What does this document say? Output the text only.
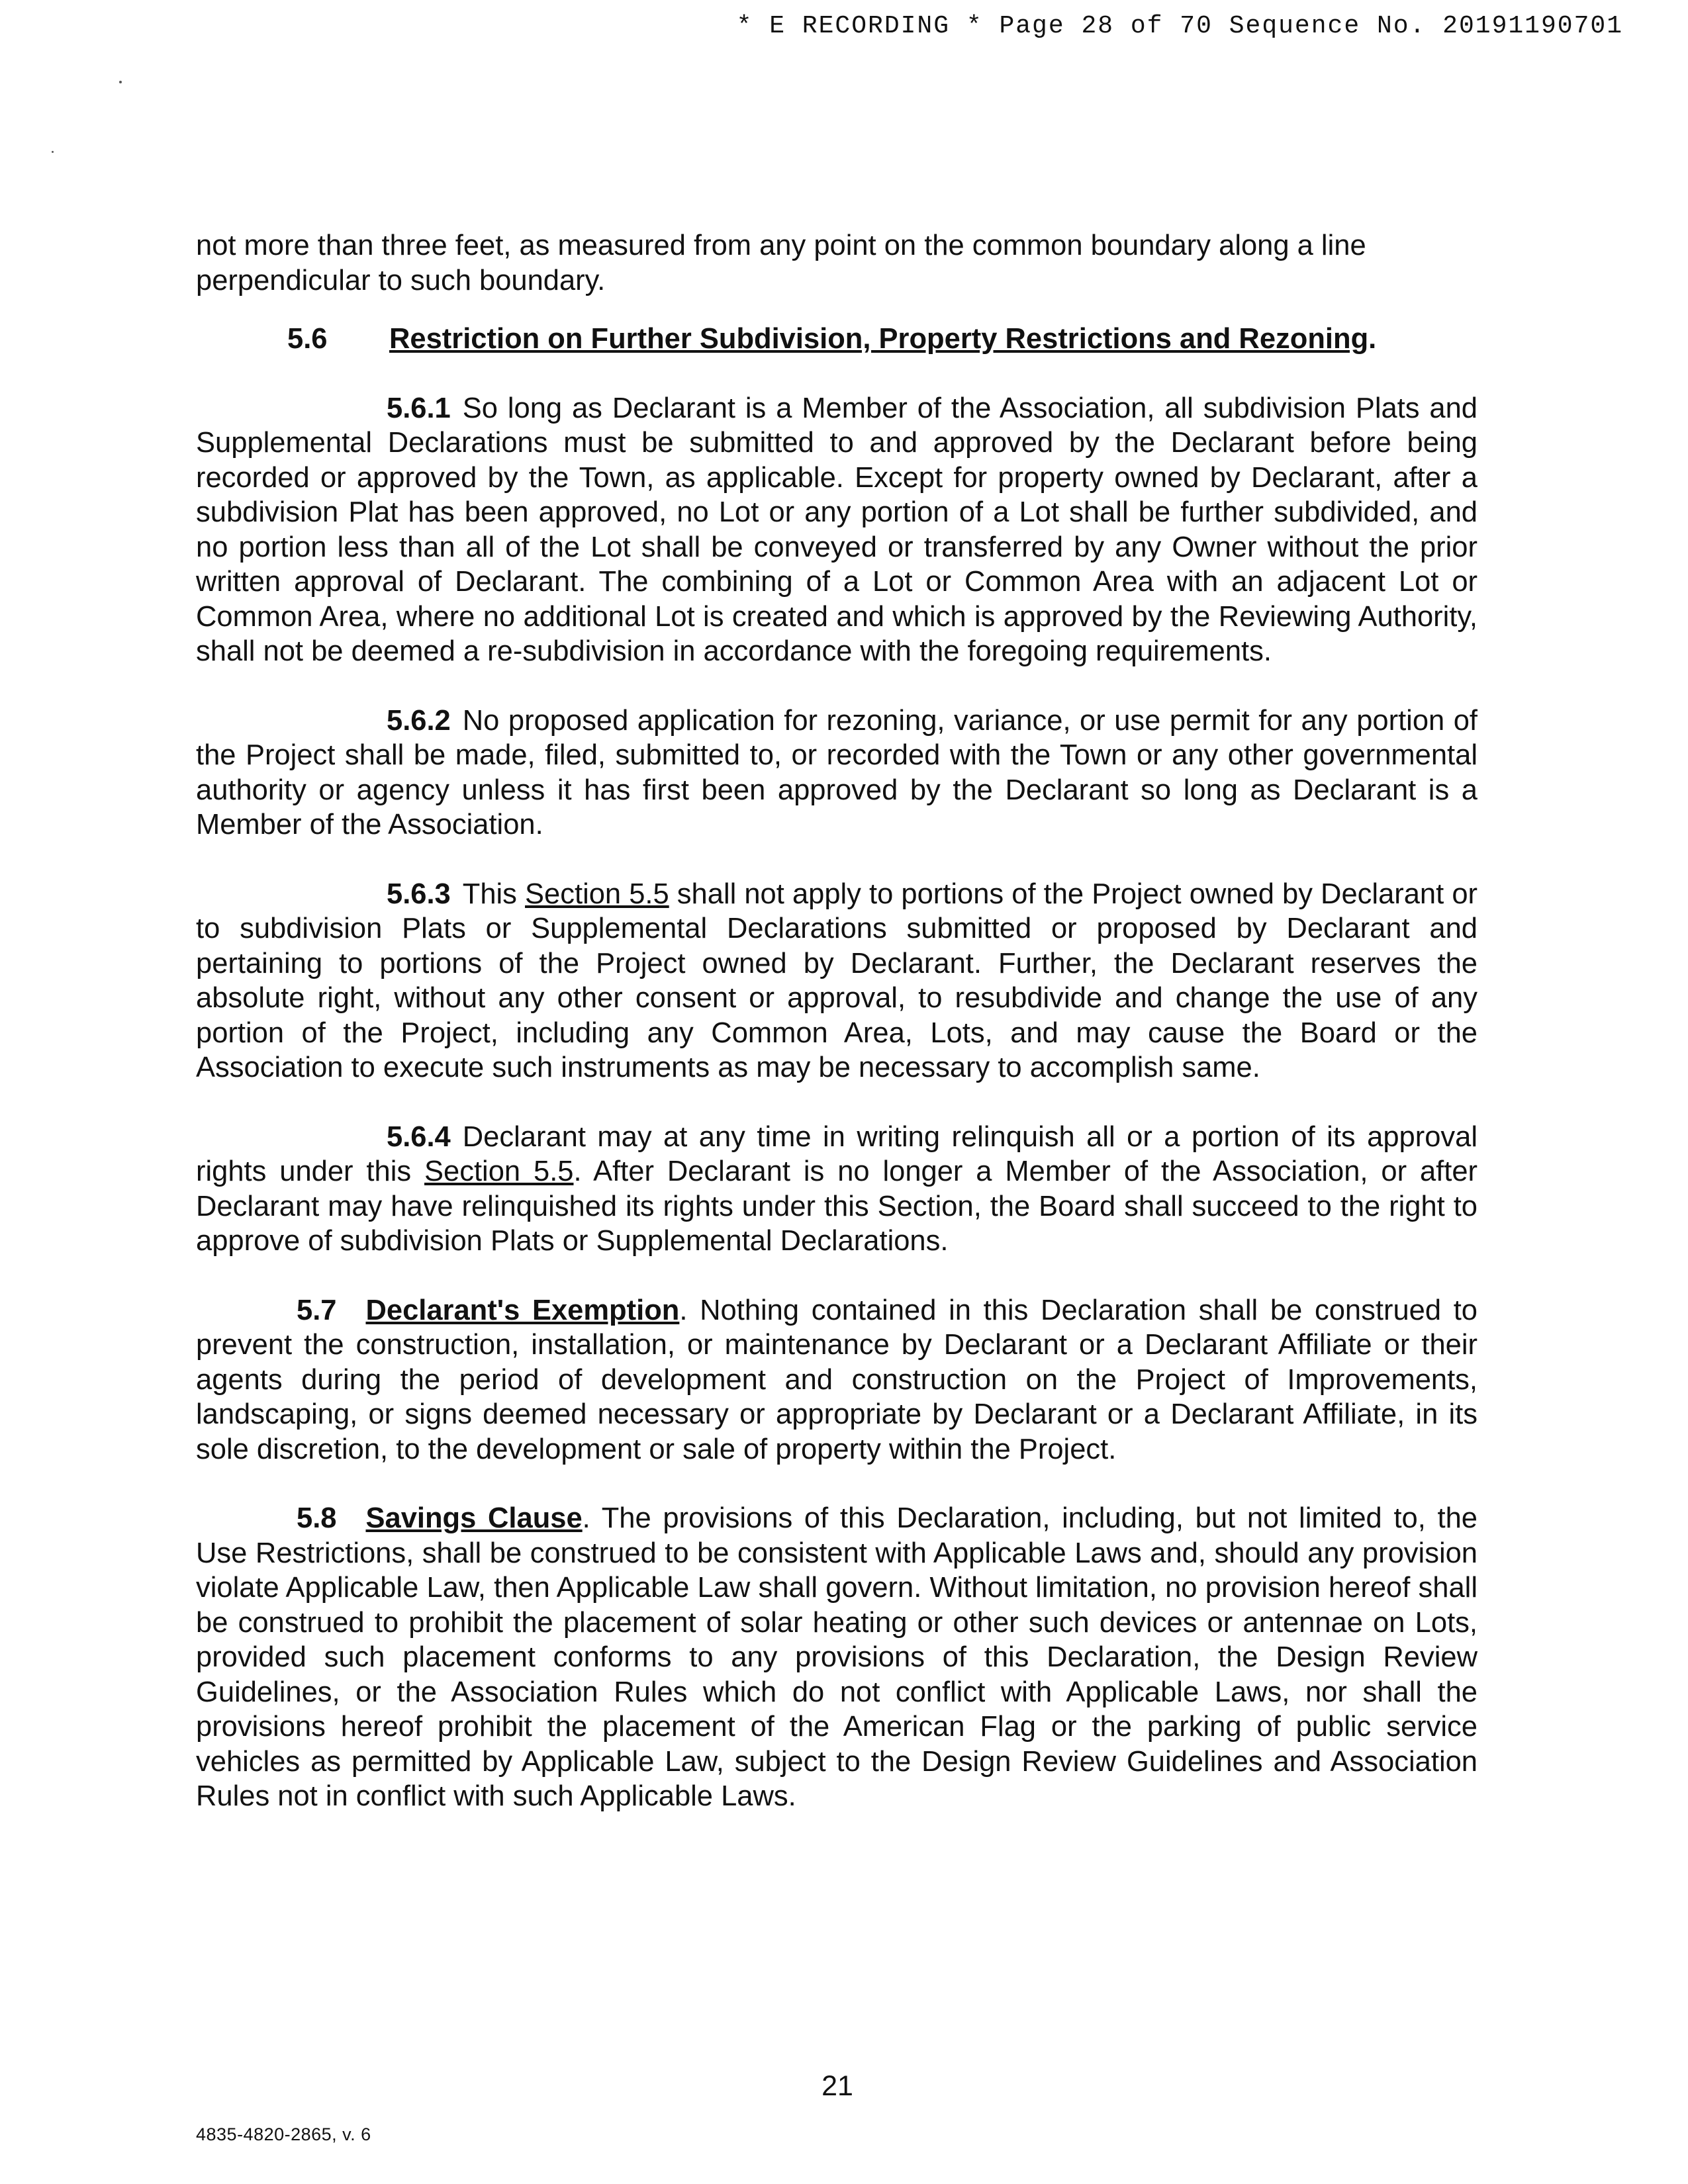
* E RECORDING * Page 28 of 70 Sequence No. 20191190701

not more than three feet, as measured from any point on the common boundary along a line perpendicular to such boundary.

5.6 Restriction on Further Subdivision, Property Restrictions and Rezoning.

5.6.1 So long as Declarant is a Member of the Association, all subdivision Plats and Supplemental Declarations must be submitted to and approved by the Declarant before being recorded or approved by the Town, as applicable. Except for property owned by Declarant, after a subdivision Plat has been approved, no Lot or any portion of a Lot shall be further subdivided, and no portion less than all of the Lot shall be conveyed or transferred by any Owner without the prior written approval of Declarant. The combining of a Lot or Common Area with an adjacent Lot or Common Area, where no additional Lot is created and which is approved by the Reviewing Authority, shall not be deemed a re-subdivision in accordance with the foregoing requirements.

5.6.2 No proposed application for rezoning, variance, or use permit for any portion of the Project shall be made, filed, submitted to, or recorded with the Town or any other governmental authority or agency unless it has first been approved by the Declarant so long as Declarant is a Member of the Association.

5.6.3 This Section 5.5 shall not apply to portions of the Project owned by Declarant or to subdivision Plats or Supplemental Declarations submitted or proposed by Declarant and pertaining to portions of the Project owned by Declarant. Further, the Declarant reserves the absolute right, without any other consent or approval, to resubdivide and change the use of any portion of the Project, including any Common Area, Lots, and may cause the Board or the Association to execute such instruments as may be necessary to accomplish same.

5.6.4 Declarant may at any time in writing relinquish all or a portion of its approval rights under this Section 5.5. After Declarant is no longer a Member of the Association, or after Declarant may have relinquished its rights under this Section, the Board shall succeed to the right to approve of subdivision Plats or Supplemental Declarations.

5.7 Declarant's Exemption. Nothing contained in this Declaration shall be construed to prevent the construction, installation, or maintenance by Declarant or a Declarant Affiliate or their agents during the period of development and construction on the Project of Improvements, landscaping, or signs deemed necessary or appropriate by Declarant or a Declarant Affiliate, in its sole discretion, to the development or sale of property within the Project.

5.8 Savings Clause. The provisions of this Declaration, including, but not limited to, the Use Restrictions, shall be construed to be consistent with Applicable Laws and, should any provision violate Applicable Law, then Applicable Law shall govern. Without limitation, no provision hereof shall be construed to prohibit the placement of solar heating or other such devices or antennae on Lots, provided such placement conforms to any provisions of this Declaration, the Design Review Guidelines, or the Association Rules which do not conflict with Applicable Laws, nor shall the provisions hereof prohibit the placement of the American Flag or the parking of public service vehicles as permitted by Applicable Law, subject to the Design Review Guidelines and Association Rules not in conflict with such Applicable Laws.

21
4835-4820-2865, v. 6
